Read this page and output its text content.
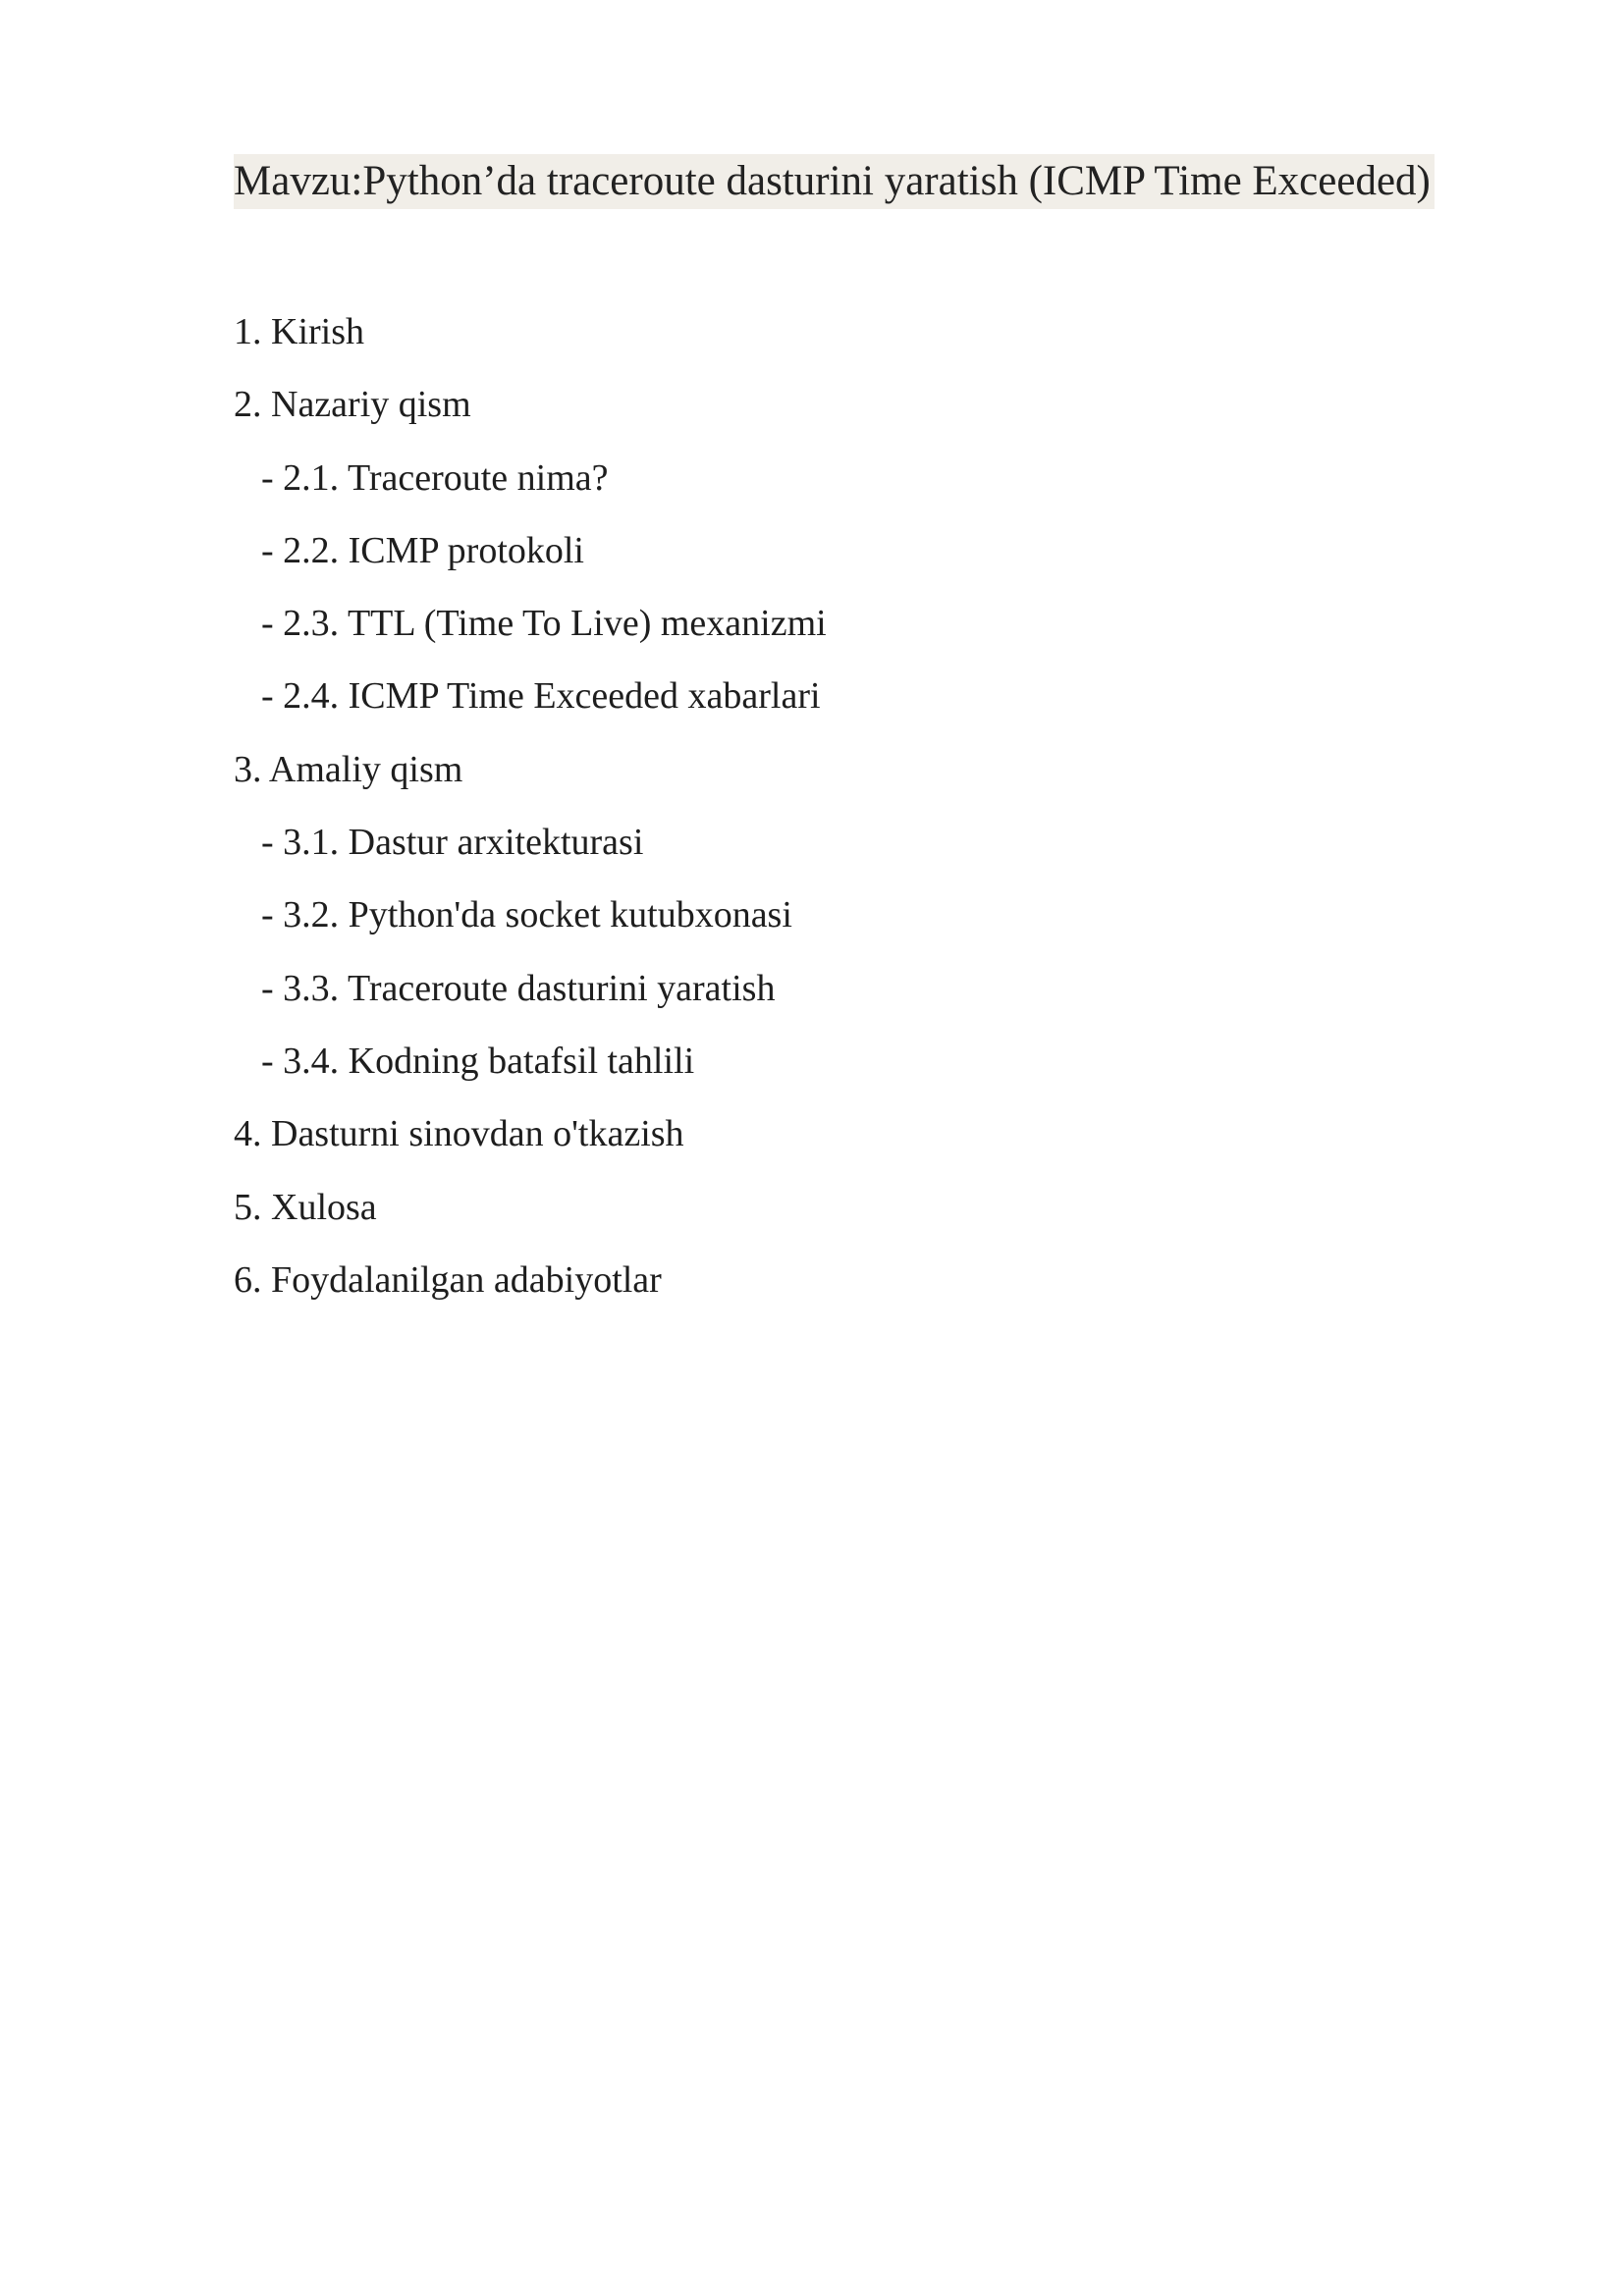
Mavzu:Python’da traceroute dasturini yaratish (ICMP Time Exceeded)
1. Kirish
2. Nazariy qism
- 2.1. Traceroute nima?
- 2.2. ICMP protokoli
- 2.3. TTL (Time To Live) mexanizmi
- 2.4. ICMP Time Exceeded xabarlari
3. Amaliy qism
- 3.1. Dastur arxitekturasi
- 3.2. Python'da socket kutubxonasi
- 3.3. Traceroute dasturini yaratish
- 3.4. Kodning batafsil tahlili
4. Dasturni sinovdan o'tkazish
5. Xulosa
6. Foydalanilgan adabiyotlar
